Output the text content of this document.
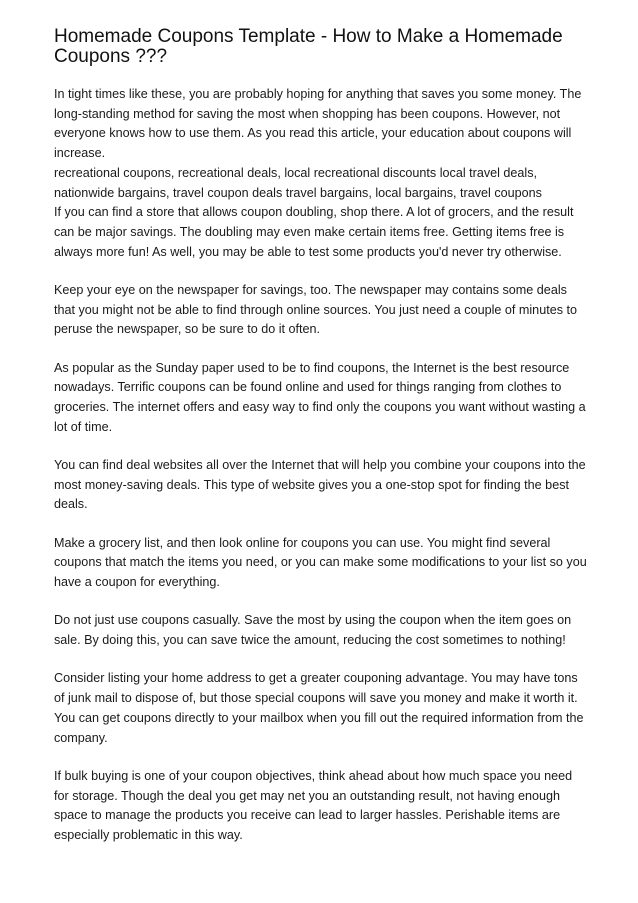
Homemade Coupons Template - How to Make a Homemade Coupons ???

In tight times like these, you are probably hoping for anything that saves you some money. The long-standing method for saving the most when shopping has been coupons. However, not everyone knows how to use them. As you read this article, your education about coupons will increase.

recreational coupons, recreational deals, local recreational discounts local travel deals, nationwide bargains, travel coupon deals travel bargains, local bargains, travel coupons

If you can find a store that allows coupon doubling, shop there. A lot of grocers, and the result can be major savings. The doubling may even make certain items free. Getting items free is always more fun! As well, you may be able to test some products you'd never try otherwise.

Keep your eye on the newspaper for savings, too. The newspaper may contains some deals that you might not be able to find through online sources. You just need a couple of minutes to peruse the newspaper, so be sure to do it often.

As popular as the Sunday paper used to be to find coupons, the Internet is the best resource nowadays. Terrific coupons can be found online and used for things ranging from clothes to groceries. The internet offers and easy way to find only the coupons you want without wasting a lot of time.

You can find deal websites all over the Internet that will help you combine your coupons into the most money-saving deals. This type of website gives you a one-stop spot for finding the best deals.

Make a grocery list, and then look online for coupons you can use. You might find several coupons that match the items you need, or you can make some modifications to your list so you have a coupon for everything.

Do not just use coupons casually. Save the most by using the coupon when the item goes on sale. By doing this, you can save twice the amount, reducing the cost sometimes to nothing!

Consider listing your home address to get a greater couponing advantage. You may have tons of junk mail to dispose of, but those special coupons will save you money and make it worth it. You can get coupons directly to your mailbox when you fill out the required information from the company.

If bulk buying is one of your coupon objectives, think ahead about how much space you need for storage. Though the deal you get may net you an outstanding result, not having enough space to manage the products you receive can lead to larger hassles. Perishable items are especially problematic in this way.
